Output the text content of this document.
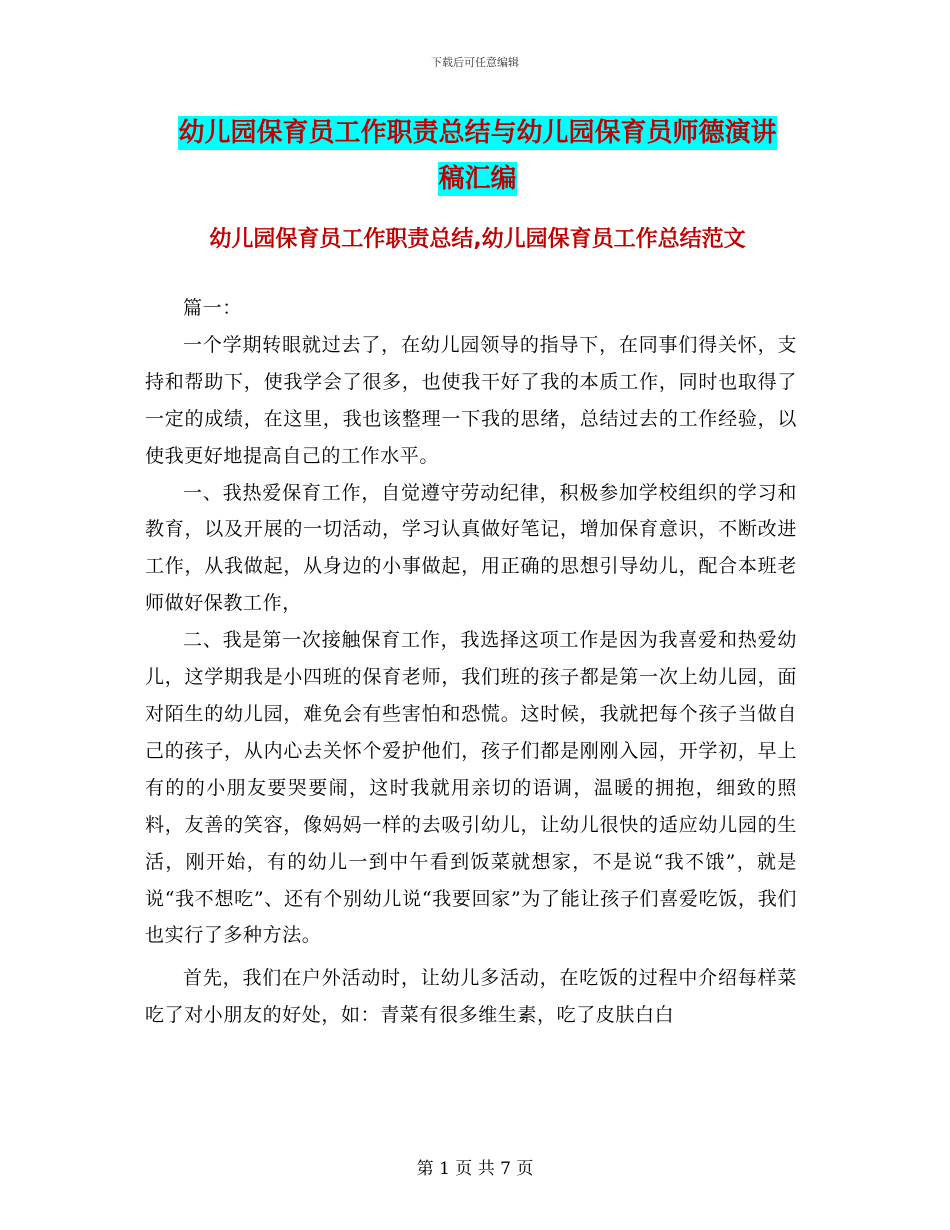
下载后可任意编辑
幼儿园保育员工作职责总结与幼儿园保育员师德演讲
稿汇编
幼儿园保育员工作职责总结,幼儿园保育员工作总结范文

篇一：

一个学期转眼就过去了，在幼儿园领导的指导下，在同事们得关怀，支持和帮助下，使我学会了很多，也使我干好了我的本质工作，同时也取得了一定的成绩，在这里，我也该整理一下我的思绪，总结过去的工作经验，以使我更好地提高自己的工作水平。

一、我热爱保育工作，自觉遵守劳动纪律，积极参加学校组织的学习和教育，以及开展的一切活动，学习认真做好笔记，增加保育意识，不断改进工作，从我做起，从身边的小事做起，用正确的思想引导幼儿，配合本班老师做好保教工作，

二、我是第一次接触保育工作，我选择这项工作是因为我喜爱和热爱幼儿，这学期我是小四班的保育老师，我们班的孩子都是第一次上幼儿园，面对陌生的幼儿园，难免会有些害怕和恐慌。这时候，我就把每个孩子当做自己的孩子，从内心去关怀个爱护他们，孩子们都是刚刚入园，开学初，早上有的的小朋友要哭要闹，这时我就用亲切的语调，温暖的拥抱，细致的照料，友善的笑容，像妈妈一样的去吸引幼儿，让幼儿很快的适应幼儿园的生活，刚开始，有的幼儿一到中午看到饭菜就想家，不是说“我不饿”，就是说“我不想吃”、还有个别幼儿说“我要回家”为了能让孩子们喜爱吃饭，我们也实行了多种方法。

首先，我们在户外活动时，让幼儿多活动，在吃饭的过程中介绍每样菜吃了对小朋友的好处，如：青菜有很多维生素，吃了皮肤白白

第 1 页 共 7 页
